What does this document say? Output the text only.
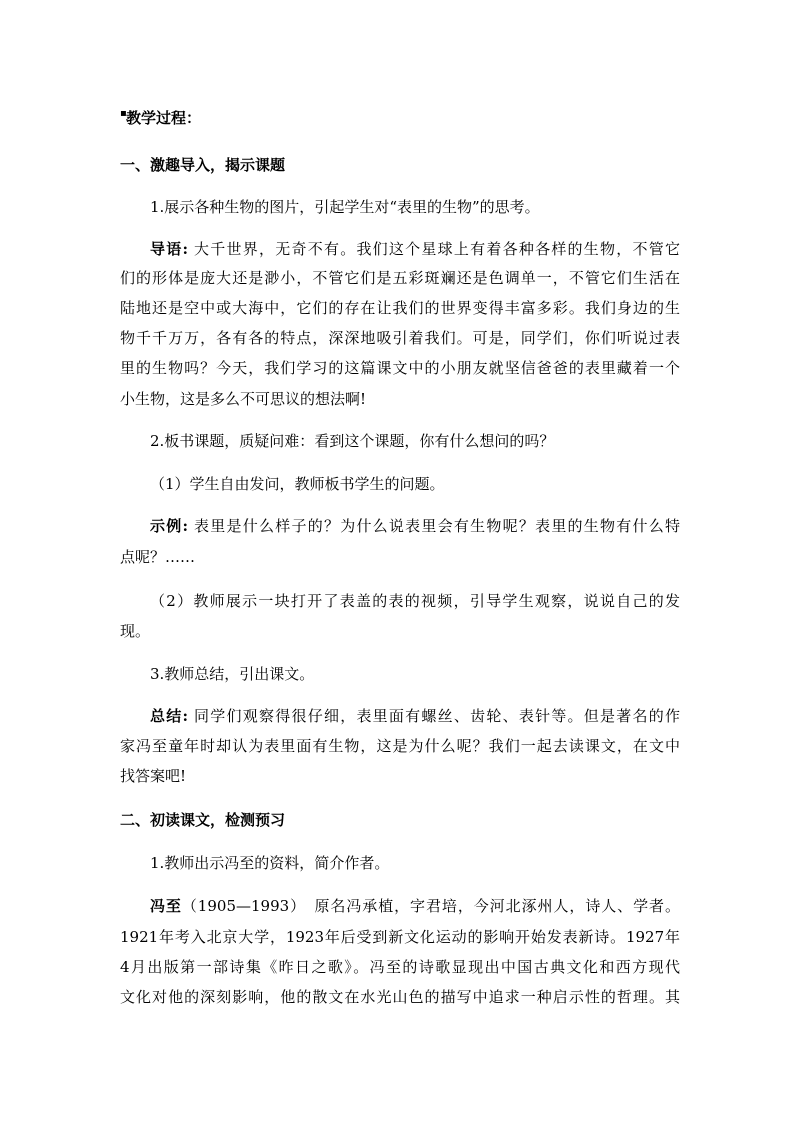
▪教学过程：
一、激趣导入，揭示课题
1.展示各种生物的图片，引起学生对“表里的生物”的思考。
导语: 大千世界，无奇不有。我们这个星球上有着各种各样的生物，不管它
们的形体是庞大还是渺小，不管它们是五彩斑斓还是色调单一，不管它们生活在
陆地还是空中或大海中，它们的存在让我们的世界变得丰富多彩。我们身边的生
物千千万万，各有各的特点，深深地吸引着我们。可是，同学们，你们听说过表
里的生物吗？今天，我们学习的这篇课文中的小朋友就坚信爸爸的表里藏着一个
小生物，这是多么不可思议的想法啊!
2.板书课题，质疑问难：看到这个课题，你有什么想问的吗？
（1）学生自由发问，教师板书学生的问题。
示例: 表里是什么样子的？为什么说表里会有生物呢？表里的生物有什么特
点呢？……
（2）教师展示一块打开了表盖的表的视频，引导学生观察，说说自己的发
现。
3.教师总结，引出课文。
总结: 同学们观察得很仔细，表里面有螺丝、齿轮、表针等。但是著名的作
家冯至童年时却认为表里面有生物，这是为什么呢？我们一起去读课文，在文中
找答案吧!
二、初读课文，检测预习
1.教师出示冯至的资料，简介作者。
冯至（1905—1993）　原名冯承植，字君培，今河北涿州人，诗人、学者。
1921年考入北京大学，1923年后受到新文化运动的影响开始发表新诗。1927年
4月出版第一部诗集《昨日之歌》。冯至的诗歌显现出中国古典文化和西方现代
文化对他的深刻影响，他的散文在水光山色的描写中追求一种启示性的哲理。其
